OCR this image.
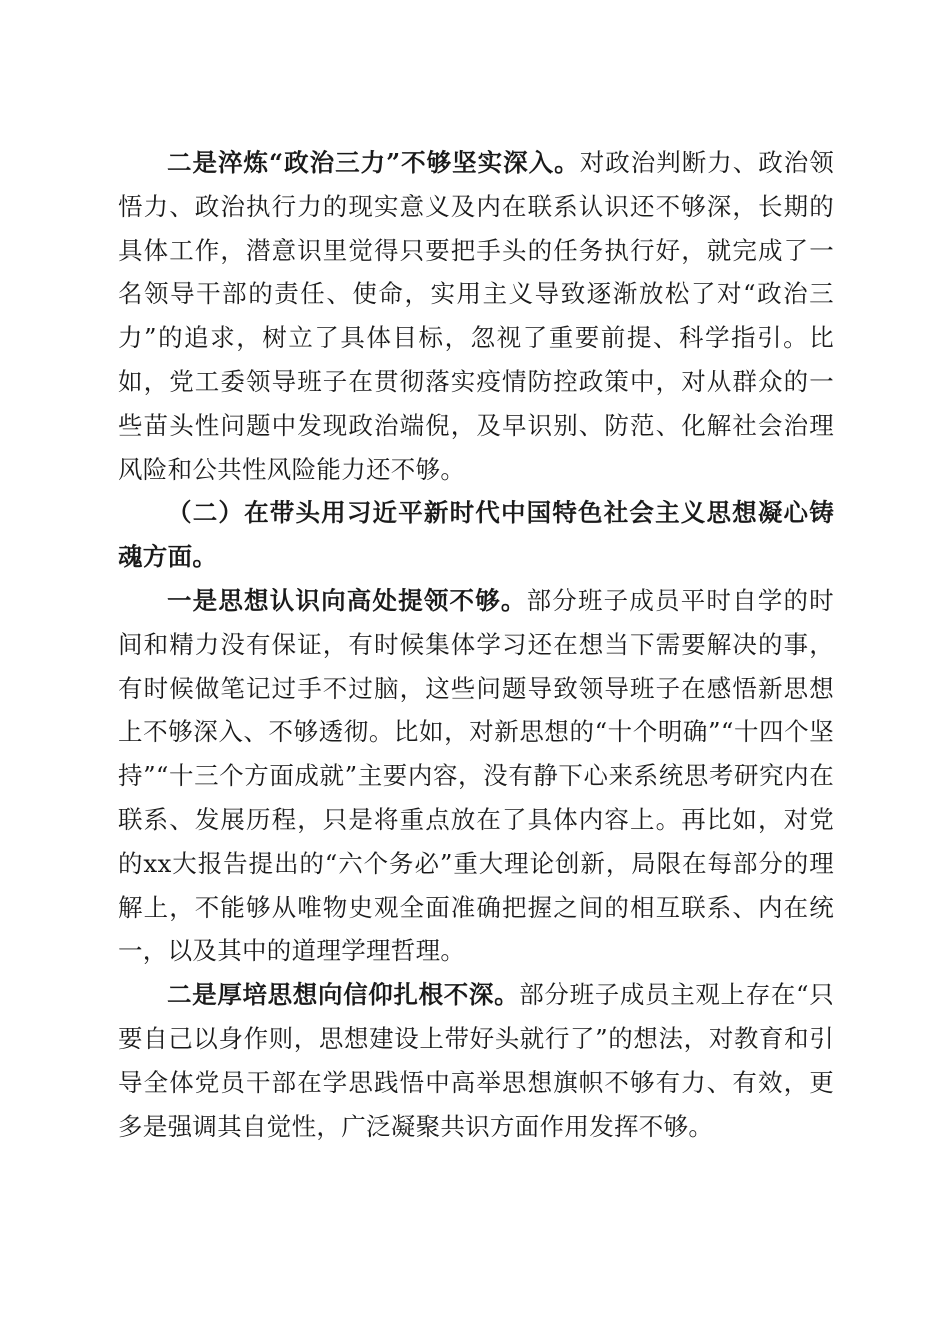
二是淬炼“政治三力”不够坚实深入。对政治判断力、政治领悟力、政治执行力的现实意义及内在联系认识还不够深，长期的具体工作，潜意识里觉得只要把手头的任务执行好，就完成了一名领导干部的责任、使命，实用主义导致逐渐放松了对“政治三力”的追求，树立了具体目标，忽视了重要前提、科学指引。比如，党工委领导班子在贯彻落实疫情防控政策中，对从群众的一些苗头性问题中发现政治端倪，及早识别、防范、化解社会治理风险和公共性风险能力还不够。

（二）在带头用习近平新时代中国特色社会主义思想凝心铸魂方面。

一是思想认识向高处提领不够。部分班子成员平时自学的时间和精力没有保证，有时候集体学习还在想当下需要解决的事，有时候做笔记过手不过脑，这些问题导致领导班子在感悟新思想上不够深入、不够透彻。比如，对新思想的“十个明确”“十四个坚持”“十三个方面成就”主要内容，没有静下心来系统思考研究内在联系、发展历程，只是将重点放在了具体内容上。再比如，对党的xx大报告提出的“六个务必”重大理论创新，局限在每部分的理解上，不能够从唯物史观全面准确把握之间的相互联系、内在统一，以及其中的道理学理哲理。

二是厚培思想向信仰扎根不深。部分班子成员主观上存在“只要自己以身作则，思想建设上带好头就行了”的想法，对教育和引导全体党员干部在学思践悟中高举思想旗帜不够有力、有效，更多是强调其自觉性，广泛凝聚共识方面作用发挥不够。
